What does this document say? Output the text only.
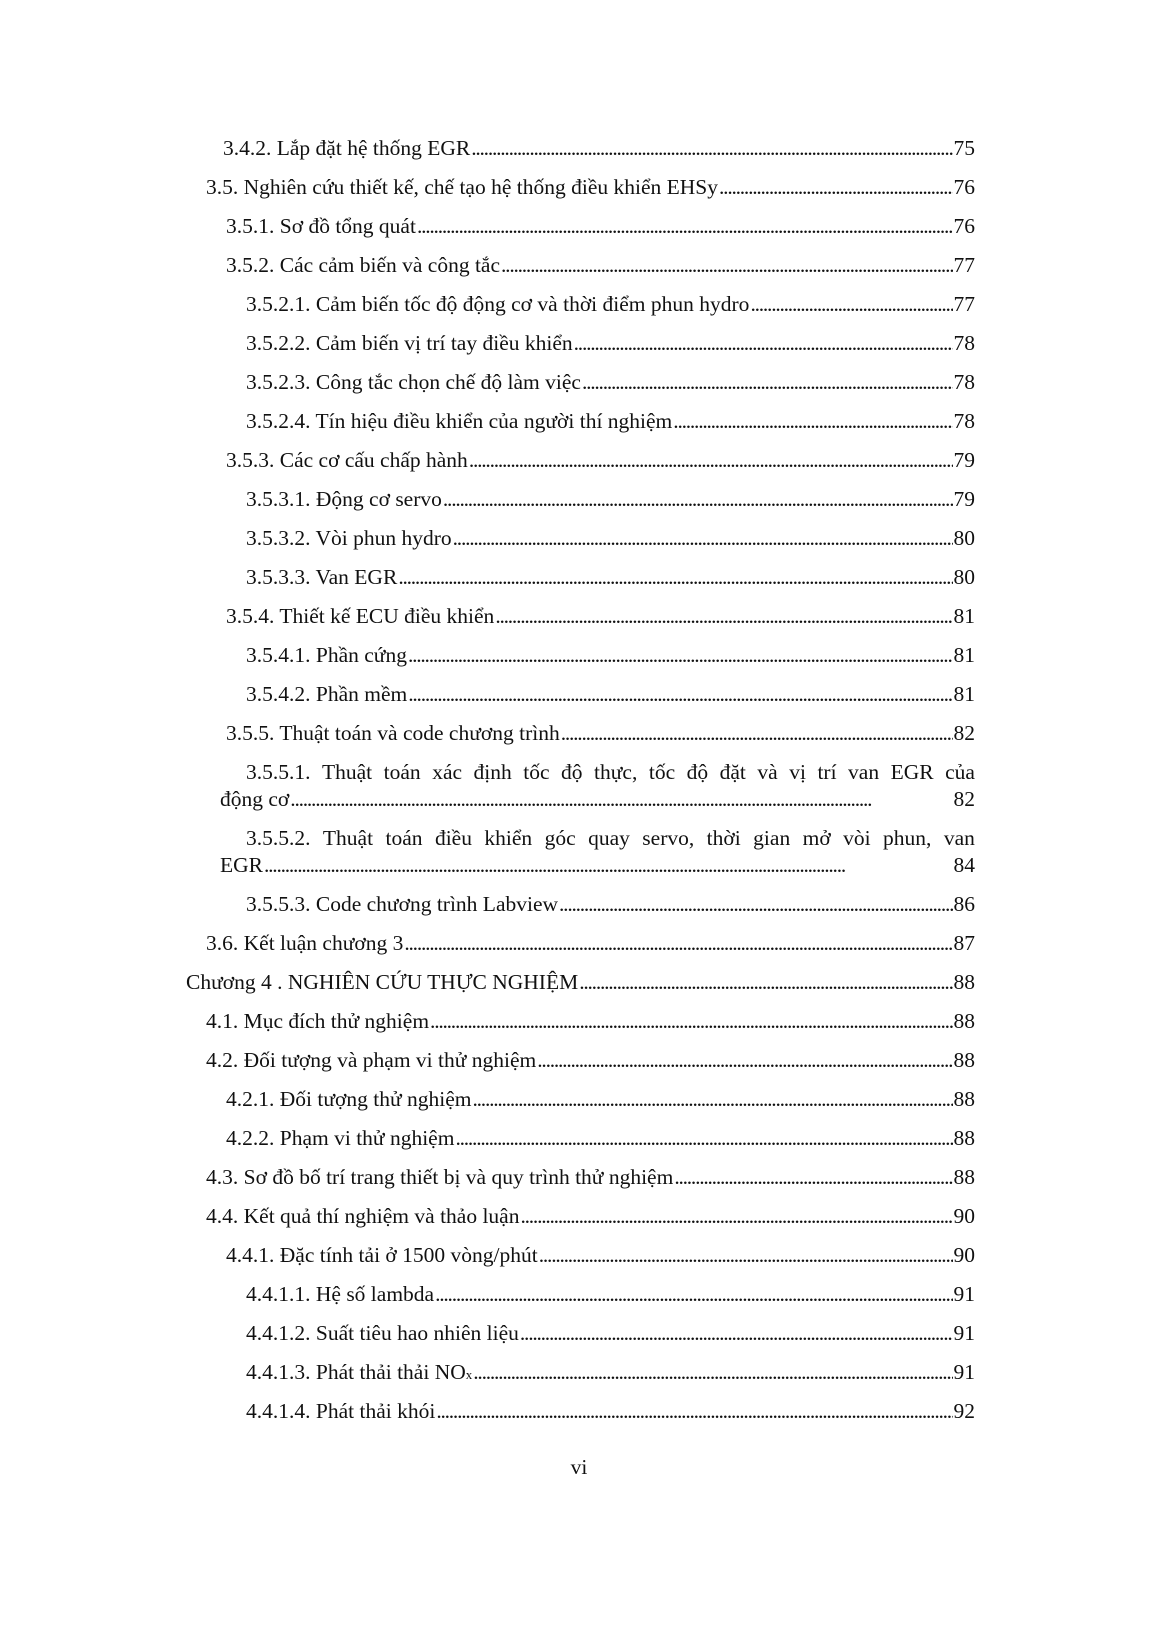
3.4.2. Lắp đặt hệ thống EGR . . .	75
3.5. Nghiên cứu thiết kế, chế tạo hệ thống điều khiển EHSy . . .	76
3.5.1. Sơ đồ tổng quát . . .	76
3.5.2. Các cảm biến và công tắc . . .	77
3.5.2.1. Cảm biến tốc độ động cơ và thời điểm phun hydro . . .	77
3.5.2.2. Cảm biến vị trí tay điều khiển . . .	78
3.5.2.3. Công tắc chọn chế độ làm việc . . .	78
3.5.2.4. Tín hiệu điều khiển của người thí nghiệm . . .	78
3.5.3. Các cơ cấu chấp hành . . .	79
3.5.3.1. Động cơ servo . . .	79
3.5.3.2. Vòi phun hydro . . .	80
3.5.3.3. Van EGR . . .	80
3.5.4. Thiết kế ECU điều khiển . . .	81
3.5.4.1. Phần cứng . . .	81
3.5.4.2. Phần mềm . . .	81
3.5.5. Thuật toán và code chương trình . . .	82
3.5.5.1. Thuật toán xác định tốc độ thực, tốc độ đặt và vị trí van EGR của
động cơ . . .	82
3.5.5.2. Thuật toán điều khiển góc quay servo, thời gian mở vòi phun, van
EGR . . .	84
3.5.5.3. Code chương trình Labview . . .	86
3.6. Kết luận chương 3 . . .	87
Chương 4 . NGHIÊN CỨU THỰC NGHIỆM . . .	88
4.1. Mục đích thử nghiệm . . .	88
4.2. Đối tượng và phạm vi thử nghiệm . . .	88
4.2.1. Đối tượng thử nghiệm . . .	88
4.2.2. Phạm vi thử nghiệm . . .	88
4.3. Sơ đồ bố trí trang thiết bị và quy trình thử nghiệm . . .	88
4.4. Kết quả thí nghiệm và thảo luận . . .	90
4.4.1. Đặc tính tải ở 1500 vòng/phút . . .	90
4.4.1.1. Hệ số lambda . . .	91
4.4.1.2. Suất tiêu hao nhiên liệu . . .	91
4.4.1.3. Phát thải thải NO x . . .	91
4.4.1.4. Phát thải khói . . .	92
vi
